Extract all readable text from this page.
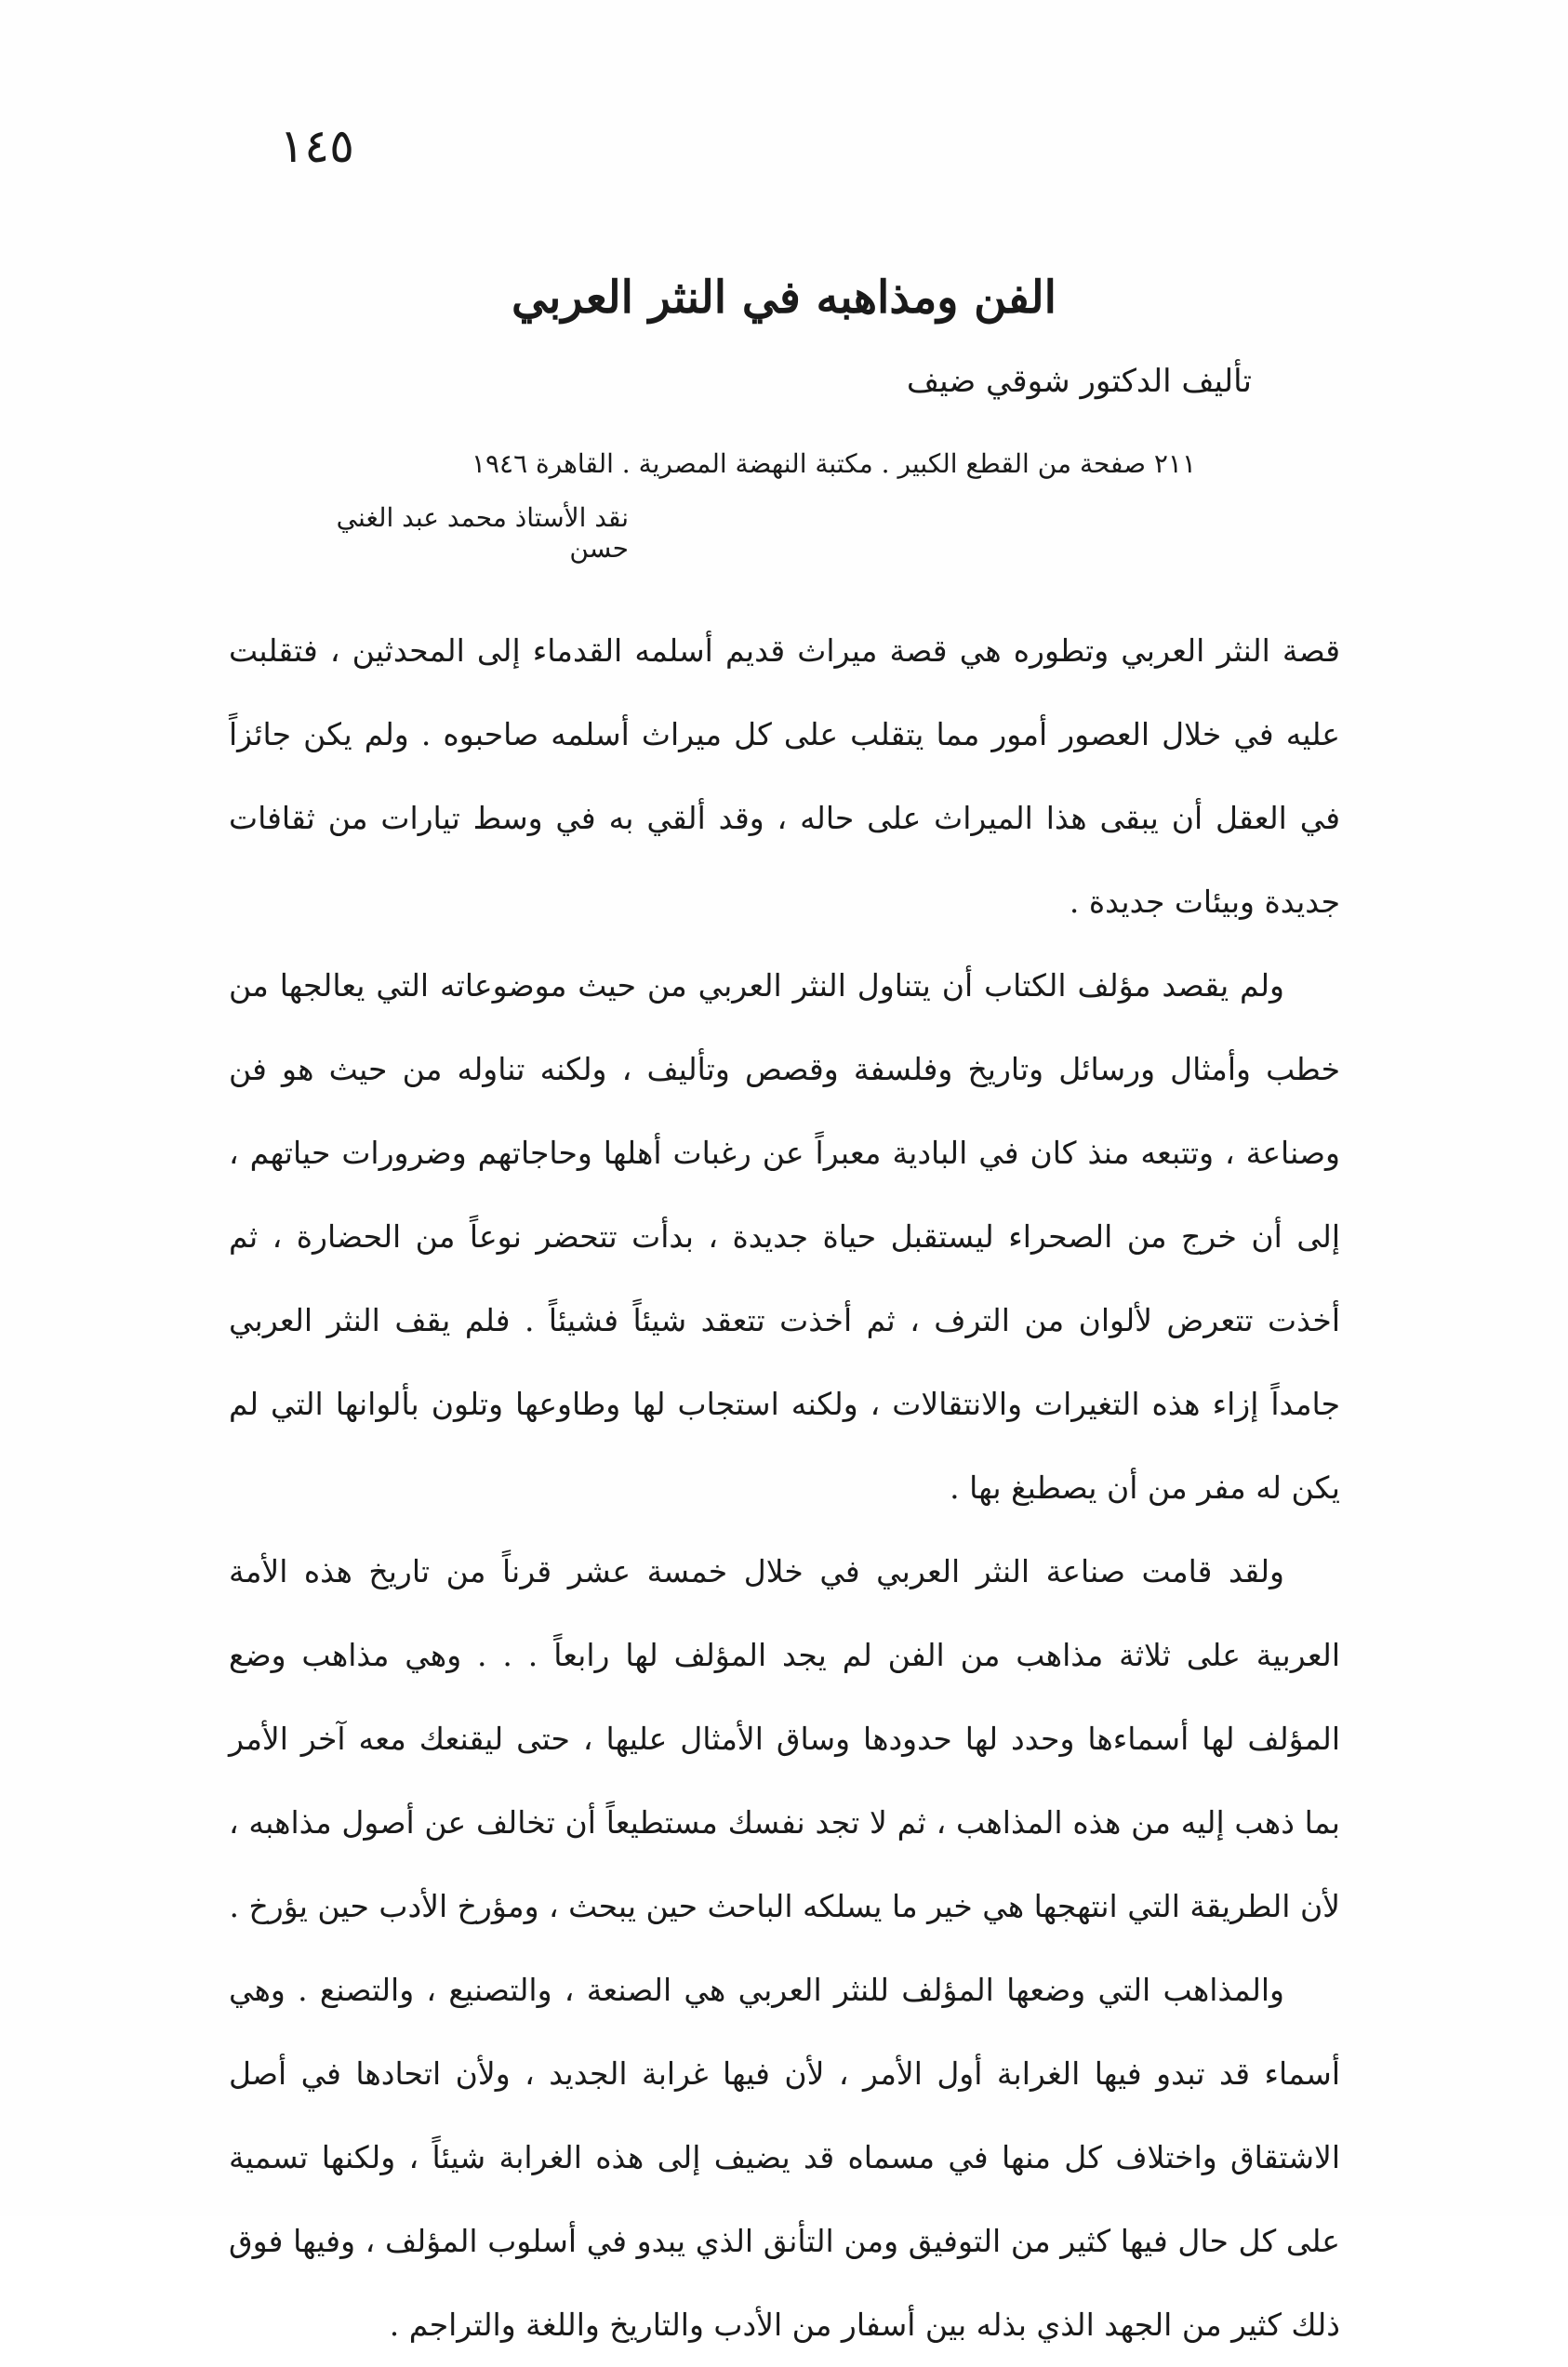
١٤٥
الفن ومذاهبه في النثر العربي
تأليف الدكتور شوقي ضيف
٢١١ صفحة من القطع الكبير . مكتبة النهضة المصرية . القاهرة ١٩٤٦
نقد الأستاذ محمد عبد الغني حسن

قصة النثر العربي وتطوره هي قصة ميراث قديم أسلمه القدماء إلى المحدثين ، فتقلبت عليه في خلال العصور أمور مما يتقلب على كل ميراث أسلمه صاحبوه . ولم يكن جائزاً في العقل أن يبقى هذا الميراث على حاله ، وقد ألقي به في وسط تيارات من ثقافات جديدة وبيئات جديدة .

ولم يقصد مؤلف الكتاب أن يتناول النثر العربي من حيث موضوعاته التي يعالجها من خطب وأمثال ورسائل وتاريخ وفلسفة وقصص وتأليف ، ولكنه تناوله من حيث هو فن وصناعة ، وتتبعه منذ كان في البادية معبراً عن رغبات أهلها وحاجاتهم وضرورات حياتهم ، إلى أن خرج من الصحراء ليستقبل حياة جديدة ، بدأت تتحضر نوعاً من الحضارة ، ثم أخذت تتعرض لألوان من الترف ، ثم أخذت تتعقد شيئاً فشيئاً . فلم يقف النثر العربي جامداً إزاء هذه التغيرات والانتقالات ، ولكنه استجاب لها وطاوعها وتلون بألوانها التي لم يكن له مفر من أن يصطبغ بها .

ولقد قامت صناعة النثر العربي في خلال خمسة عشر قرناً من تاريخ هذه الأمة العربية على ثلاثة مذاهب من الفن لم يجد المؤلف لها رابعاً . . . وهي مذاهب وضع المؤلف لها أسماءها وحدد لها حدودها وساق الأمثال عليها ، حتى ليقنعك معه آخر الأمر بما ذهب إليه من هذه المذاهب ، ثم لا تجد نفسك مستطيعاً أن تخالف عن أصول مذاهبه ، لأن الطريقة التي انتهجها هي خير ما يسلكه الباحث حين يبحث ، ومؤرخ الأدب حين يؤرخ .

والمذاهب التي وضعها المؤلف للنثر العربي هي الصنعة ، والتصنيع ، والتصنع . وهي أسماء قد تبدو فيها الغرابة أول الأمر ، لأن فيها غرابة الجديد ، ولأن اتحادها في أصل الاشتقاق واختلاف كل منها في مسماه قد يضيف إلى هذه الغرابة شيئاً ، ولكنها تسمية على كل حال فيها كثير من التوفيق ومن التأنق الذي يبدو في أسلوب المؤلف ، وفيها فوق ذلك كثير من الجهد الذي بذله بين أسفار من الأدب والتاريخ واللغة والتراجم .
